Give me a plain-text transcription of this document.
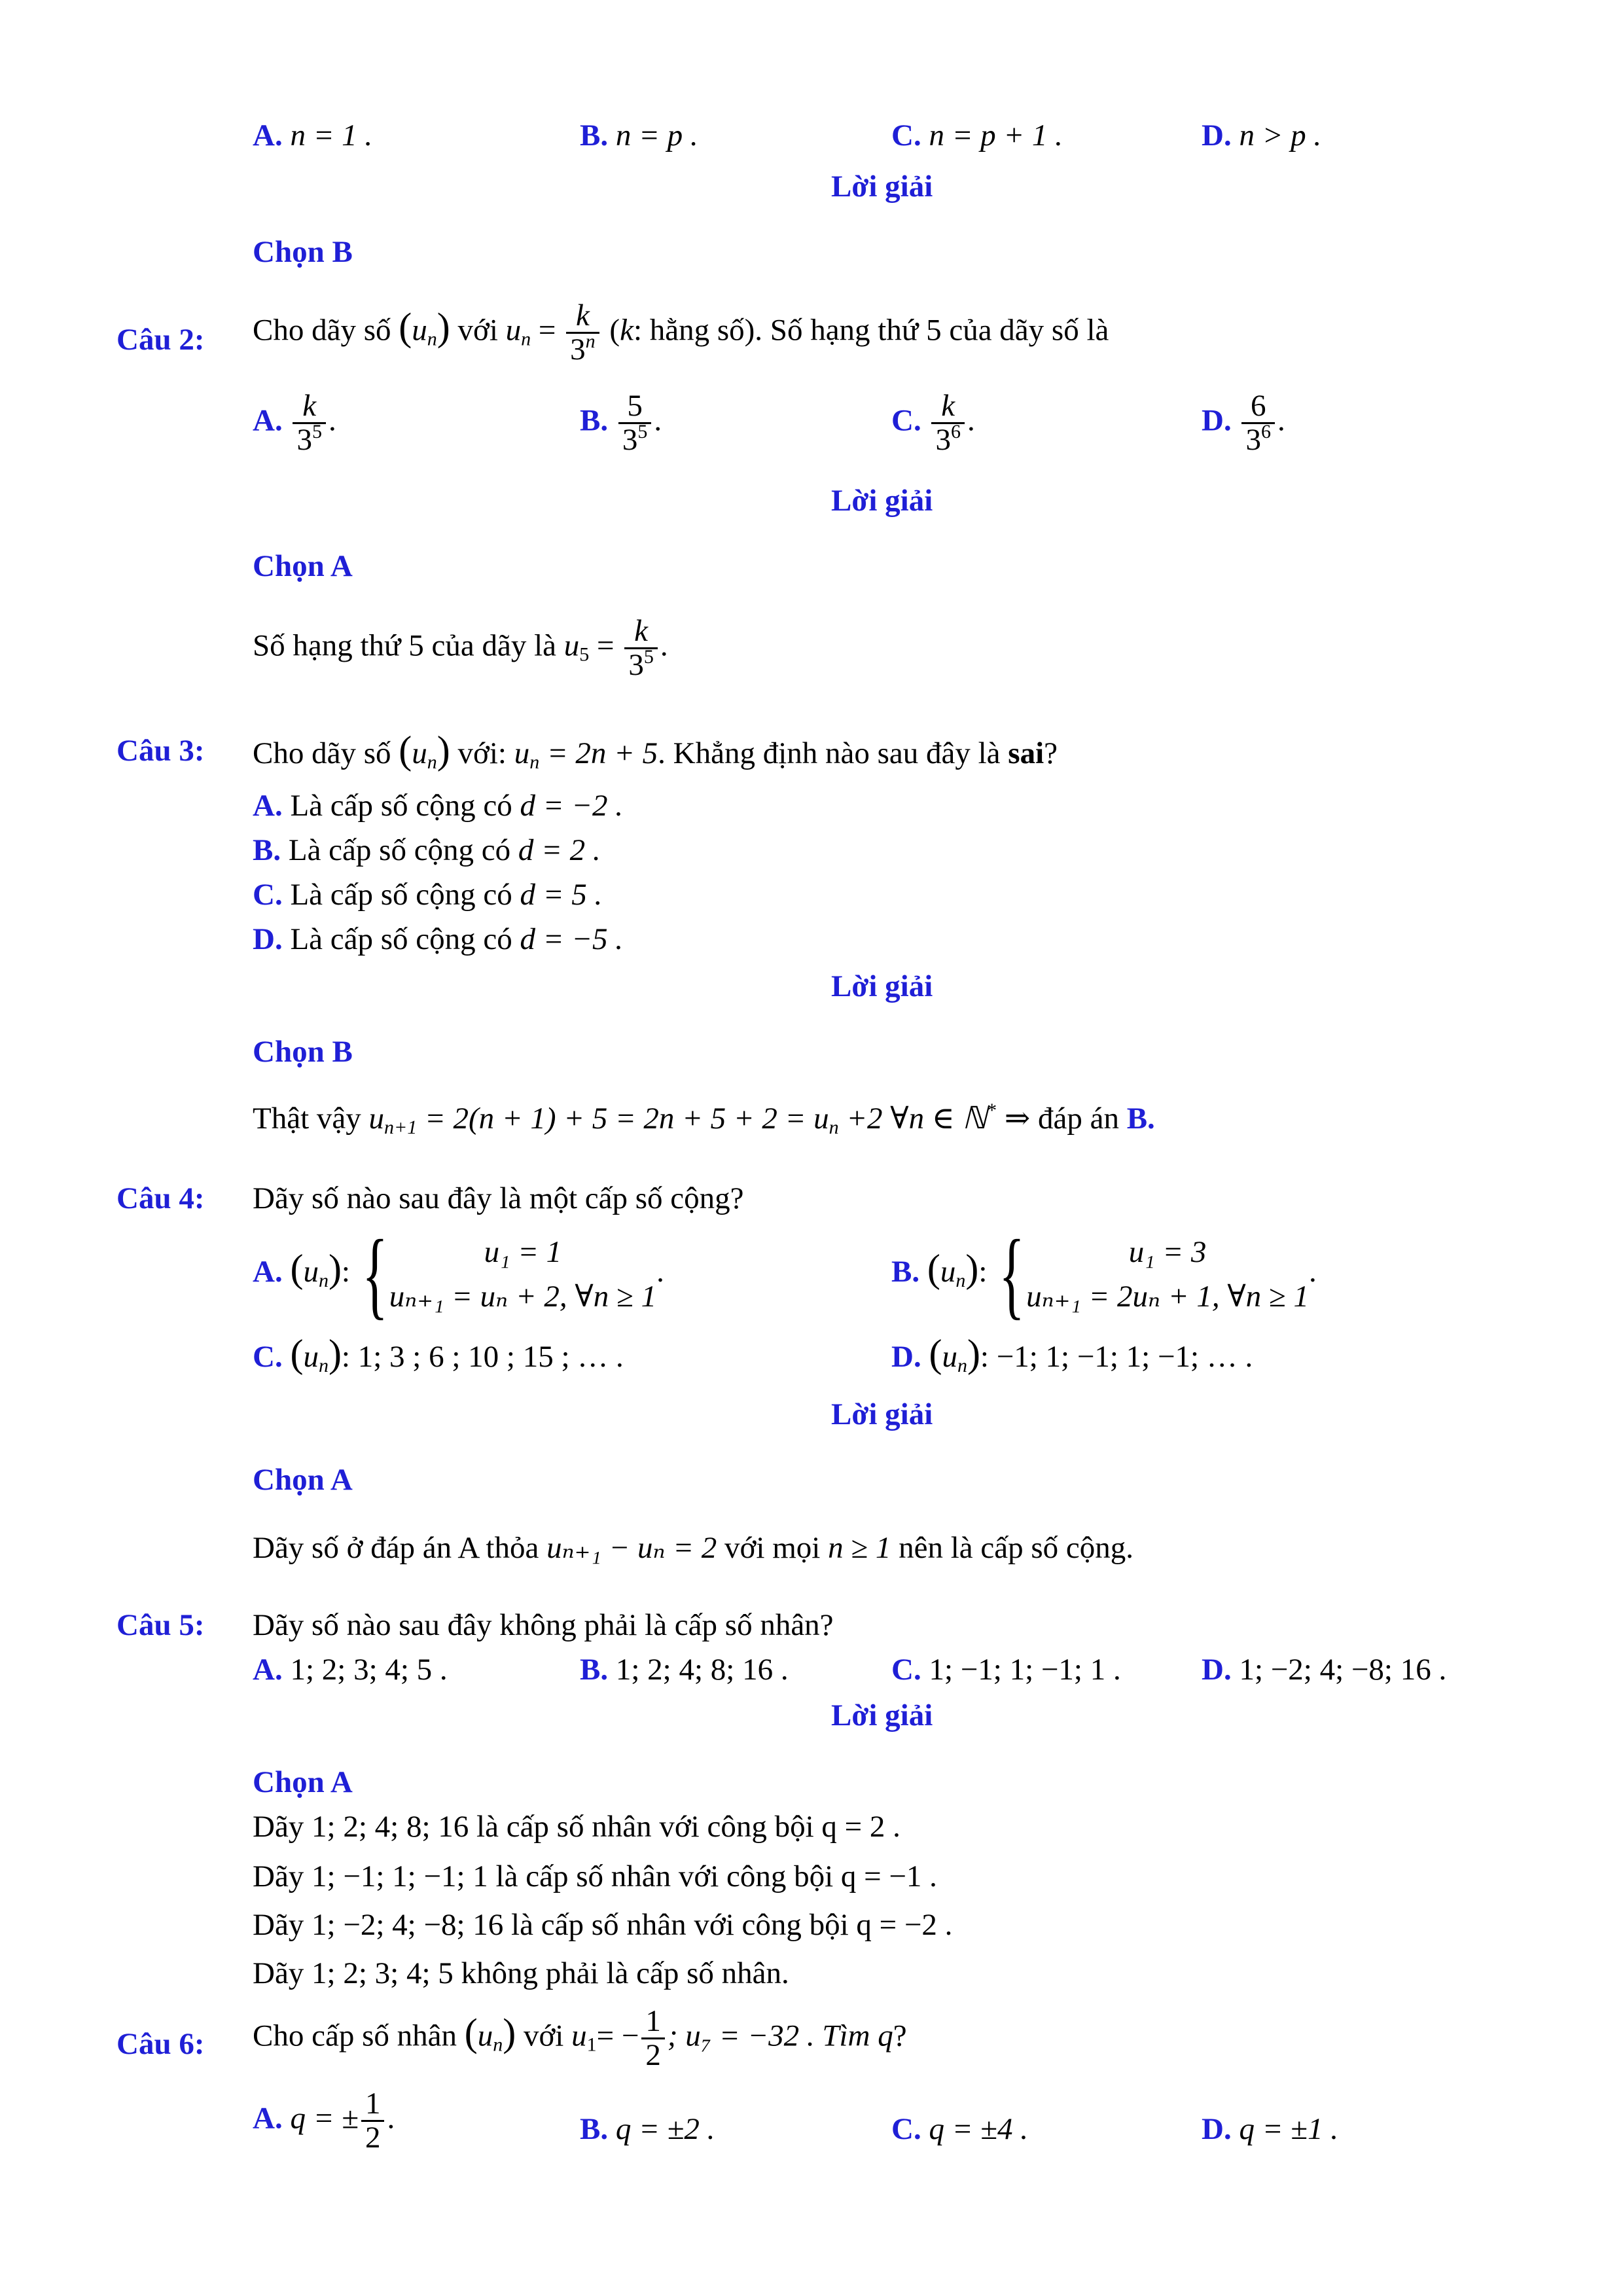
A. n = 1 .	B. n = p .	C. n = p + 1 .	D. n > p .
Lời giải
Chọn B
Câu 2: Cho dãy số $(u_n)$ với $u_n = \frac{k}{3^n} (k$: hằng số). Số hạng thứ 5 của dãy số là
A. $\frac{k}{3^5}$ .	B. $\frac{5}{3^5}$ .	C. $\frac{k}{3^6}$ .	D. $\frac{6}{3^6}$ .
Lời giải
Chọn A
Số hạng thứ 5 của dãy là $u_5 = \frac{k}{3^5}$ .
Câu 3: Cho dãy số $(u_n)$ với: $u_n = 2n + 5$. Khẳng định nào sau đây là sai?
A. Là cấp số cộng có d = −2 .
B. Là cấp số cộng có d = 2 .
C. Là cấp số cộng có d = 5 .
D. Là cấp số cộng có d = −5 .
Lời giải
Chọn B
Thật vậy $u_{n+1} = 2(n + 1) + 5 = 2n + 5 + 2 = u_n +2$ ∀n ∈ ℕ* ⇒ đáp án B.
Câu 4: Dãy số nào sau đây là một cấp số cộng?
A. $(u_n)$: {	u₁ = 1
uₙ₊₁ = uₙ + 2, ∀n ≥ 1
.	B. $(u_n)$: {	u₁ = 3
uₙ₊₁ = 2uₙ + 1, ∀n ≥ 1
.
C. $(u_n)$: 1; 3 ; 6 ; 10 ; 15 ; … .	D. $(u_n)$: −1; 1; −1; 1; −1; … .
Lời giải
Chọn A
Dãy số ở đáp án A thỏa uₙ₊₁ − uₙ = 2 với mọi n ≥ 1 nên là cấp số cộng.
Câu 5: Dãy số nào sau đây không phải là cấp số nhân?
A. 1; 2; 3; 4; 5 .	B. 1; 2; 4; 8; 16 .	C. 1; −1; 1; −1; 1 .	D. 1; −2; 4; −8; 16 .
Lời giải
Chọn A
Dãy 1; 2; 4; 8; 16 là cấp số nhân với công bội q = 2 .
Dãy 1; −1; 1; −1; 1 là cấp số nhân với công bội q = −1 .
Dãy 1; −2; 4; −8; 16 là cấp số nhân với công bội q = −2 .
Dãy 1; 2; 3; 4; 5 không phải là cấp số nhân.
Câu 6: Cho cấp số nhân $(u_n)$ với $u_1= - \frac{1}{2}$ ; u₇ = −32 . Tìm q?
A. q = ± $\frac{1}{2}$ .	B. q = ±2 .	C. q = ±4 .	D. q = ±1 .
